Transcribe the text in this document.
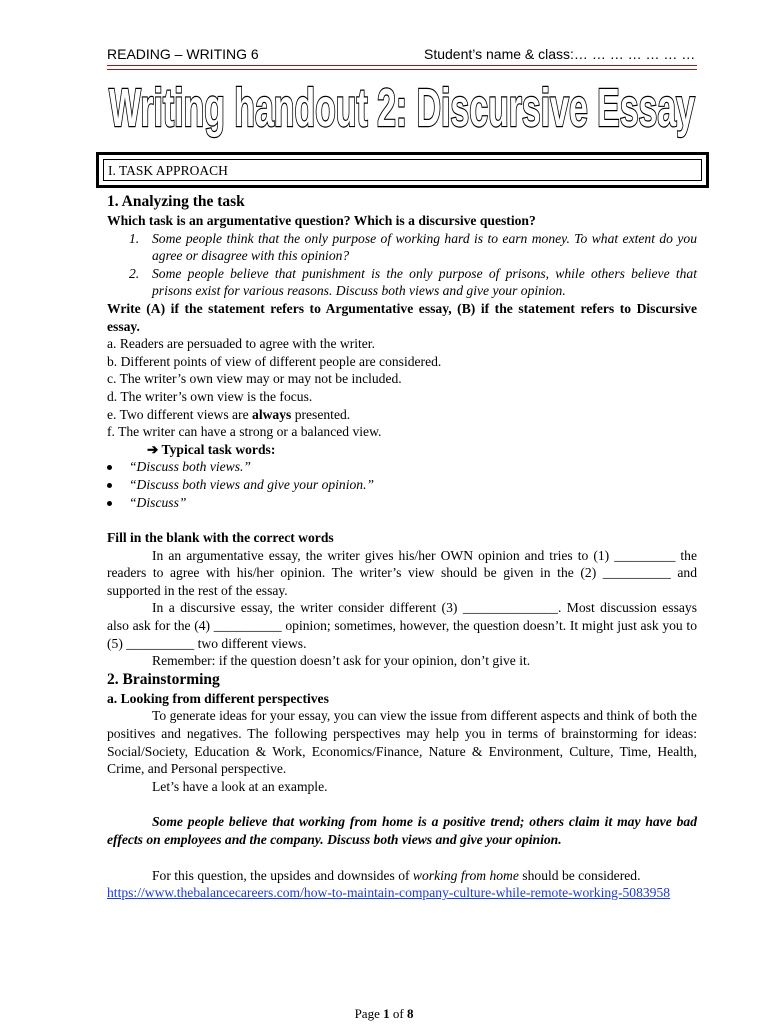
READING – WRITING 6	Student’s name & class:… … … … … … …
Writing handout 2: Discursive Essay
I. TASK APPROACH

1. Analyzing the task

Which task is an argumentative question? Which is a discursive question?

1. Some people think that the only purpose of working hard is to earn money. To what extent do you agree or disagree with this opinion?
2. Some people believe that punishment is the only purpose of prisons, while others believe that prisons exist for various reasons. Discuss both views and give your opinion.

Write (A) if the statement refers to Argumentative essay, (B) if the statement refers to Discursive essay.

a. Readers are persuaded to agree with the writer.

b. Different points of view of different people are considered.

c. The writer’s own view may or may not be included.

d. The writer’s own view is the focus.

e. Two different views are always presented.

f. The writer can have a strong or a balanced view.

➔ Typical task words:

“Discuss both views.”
“Discuss both views and give your opinion.”
“Discuss”

Fill in the blank with the correct words

In an argumentative essay, the writer gives his/her OWN opinion and tries to (1) _________ the readers to agree with his/her opinion. The writer’s view should be given in the (2) __________ and supported in the rest of the essay.

In a discursive essay, the writer consider different (3) ______________. Most discussion essays also ask for the (4) __________ opinion; sometimes, however, the question doesn’t. It might just ask you to (5) __________ two different views.

Remember: if the question doesn’t ask for your opinion, don’t give it.

2. Brainstorming

a. Looking from different perspectives

To generate ideas for your essay, you can view the issue from different aspects and think of both the positives and negatives. The following perspectives may help you in terms of brainstorming for ideas: Social/Society, Education & Work, Economics/Finance, Nature & Environment, Culture, Time, Health, Crime, and Personal perspective.

Let’s have a look at an example.

Some people believe that working from home is a positive trend; others claim it may have bad effects on employees and the company. Discuss both views and give your opinion.

For this question, the upsides and downsides of working from home should be considered.

https://www.thebalancecareers.com/how-to-maintain-company-culture-while-remote-working-5083958

Page 1 of 8
